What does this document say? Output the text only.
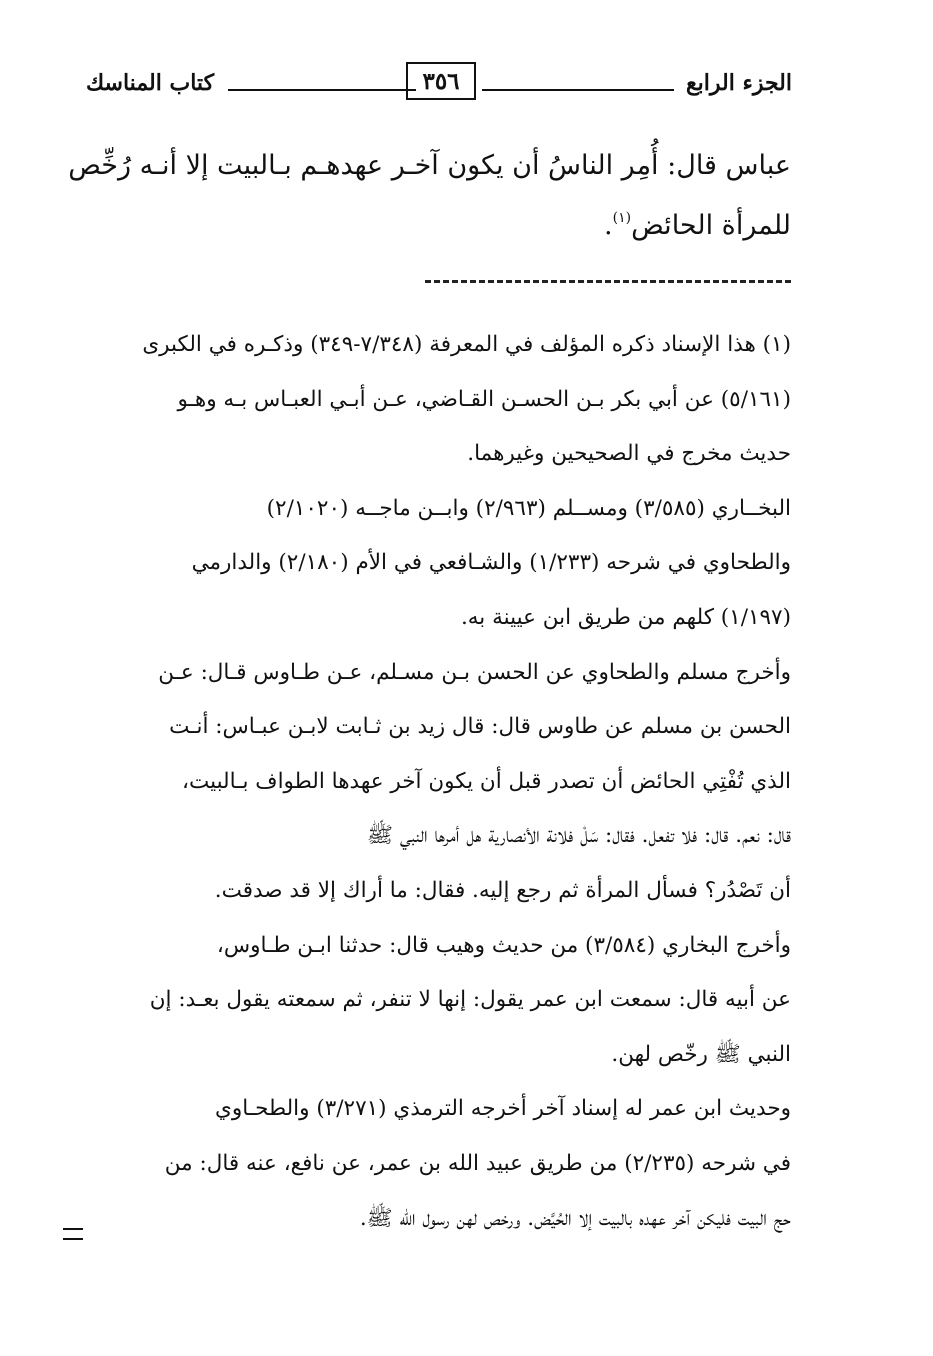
الجزء الرابع
٣٥٦
كتاب المناسك
عباس قال: أُمِر الناسُ أن يكون آخـر عهدهـم بـالبيت إلا أنـه رُخِّص
للمرأة الحائض$^{(١)}$.
(١) هذا الإسناد ذكره المؤلف في المعرفة (٧/٣٤٨-٣٤٩) وذكـره في الكبرى
(٥/١٦١) عن أبي بكر بـن الحسـن القـاضي، عـن أبـي العبـاس بـه وهـو
حديث مخرج في الصحيحين وغيرهما.
البخــاري (٣/٥٨٥) ومســلم (٢/٩٦٣) وابــن ماجــه (٢/١٠٢٠)
والطحاوي في شرحه (١/٢٣٣) والشـافعي في الأم (٢/١٨٠) والدارمي
(١/١٩٧) كلهم من طريق ابن عيينة به.
وأخرج مسلم والطحاوي عن الحسن بـن مسـلم، عـن طـاوس قـال: عـن
الحسن بن مسلم عن طاوس قال: قال زيد بن ثـابت لابـن عبـاس: أنـت
الذي تُفْتِي الحائض أن تصدر قبل أن يكون آخر عهدها الطواف بـالبيت،
قال: نعم. قال: فلا تفعل. فقال: سَلْ فلانة الأنصارية هل أمرها النبي ﷺ
أن تَصْدُر؟ فسأل المرأة ثم رجع إليه. فقال: ما أراك إلا قد صدقت.
وأخرج البخاري (٣/٥٨٤) من حديث وهيب قال: حدثنا ابـن طـاوس،
عن أبيه قال: سمعت ابن عمر يقول: إنها لا تنفر، ثم سمعته يقول بعـد: إن
النبي ﷺ رخّص لهن.
وحديث ابن عمر له إسناد آخر أخرجه الترمذي (٣/٢٧١) والطحـاوي
في شرحه (٢/٢٣٥) من طريق عبيد الله بن عمر، عن نافع، عنه قال: من
حج البيت فليكن آخر عهده بالبيت إلا الحُيَّض. ورخص لهن رسول الله ﷺ.
